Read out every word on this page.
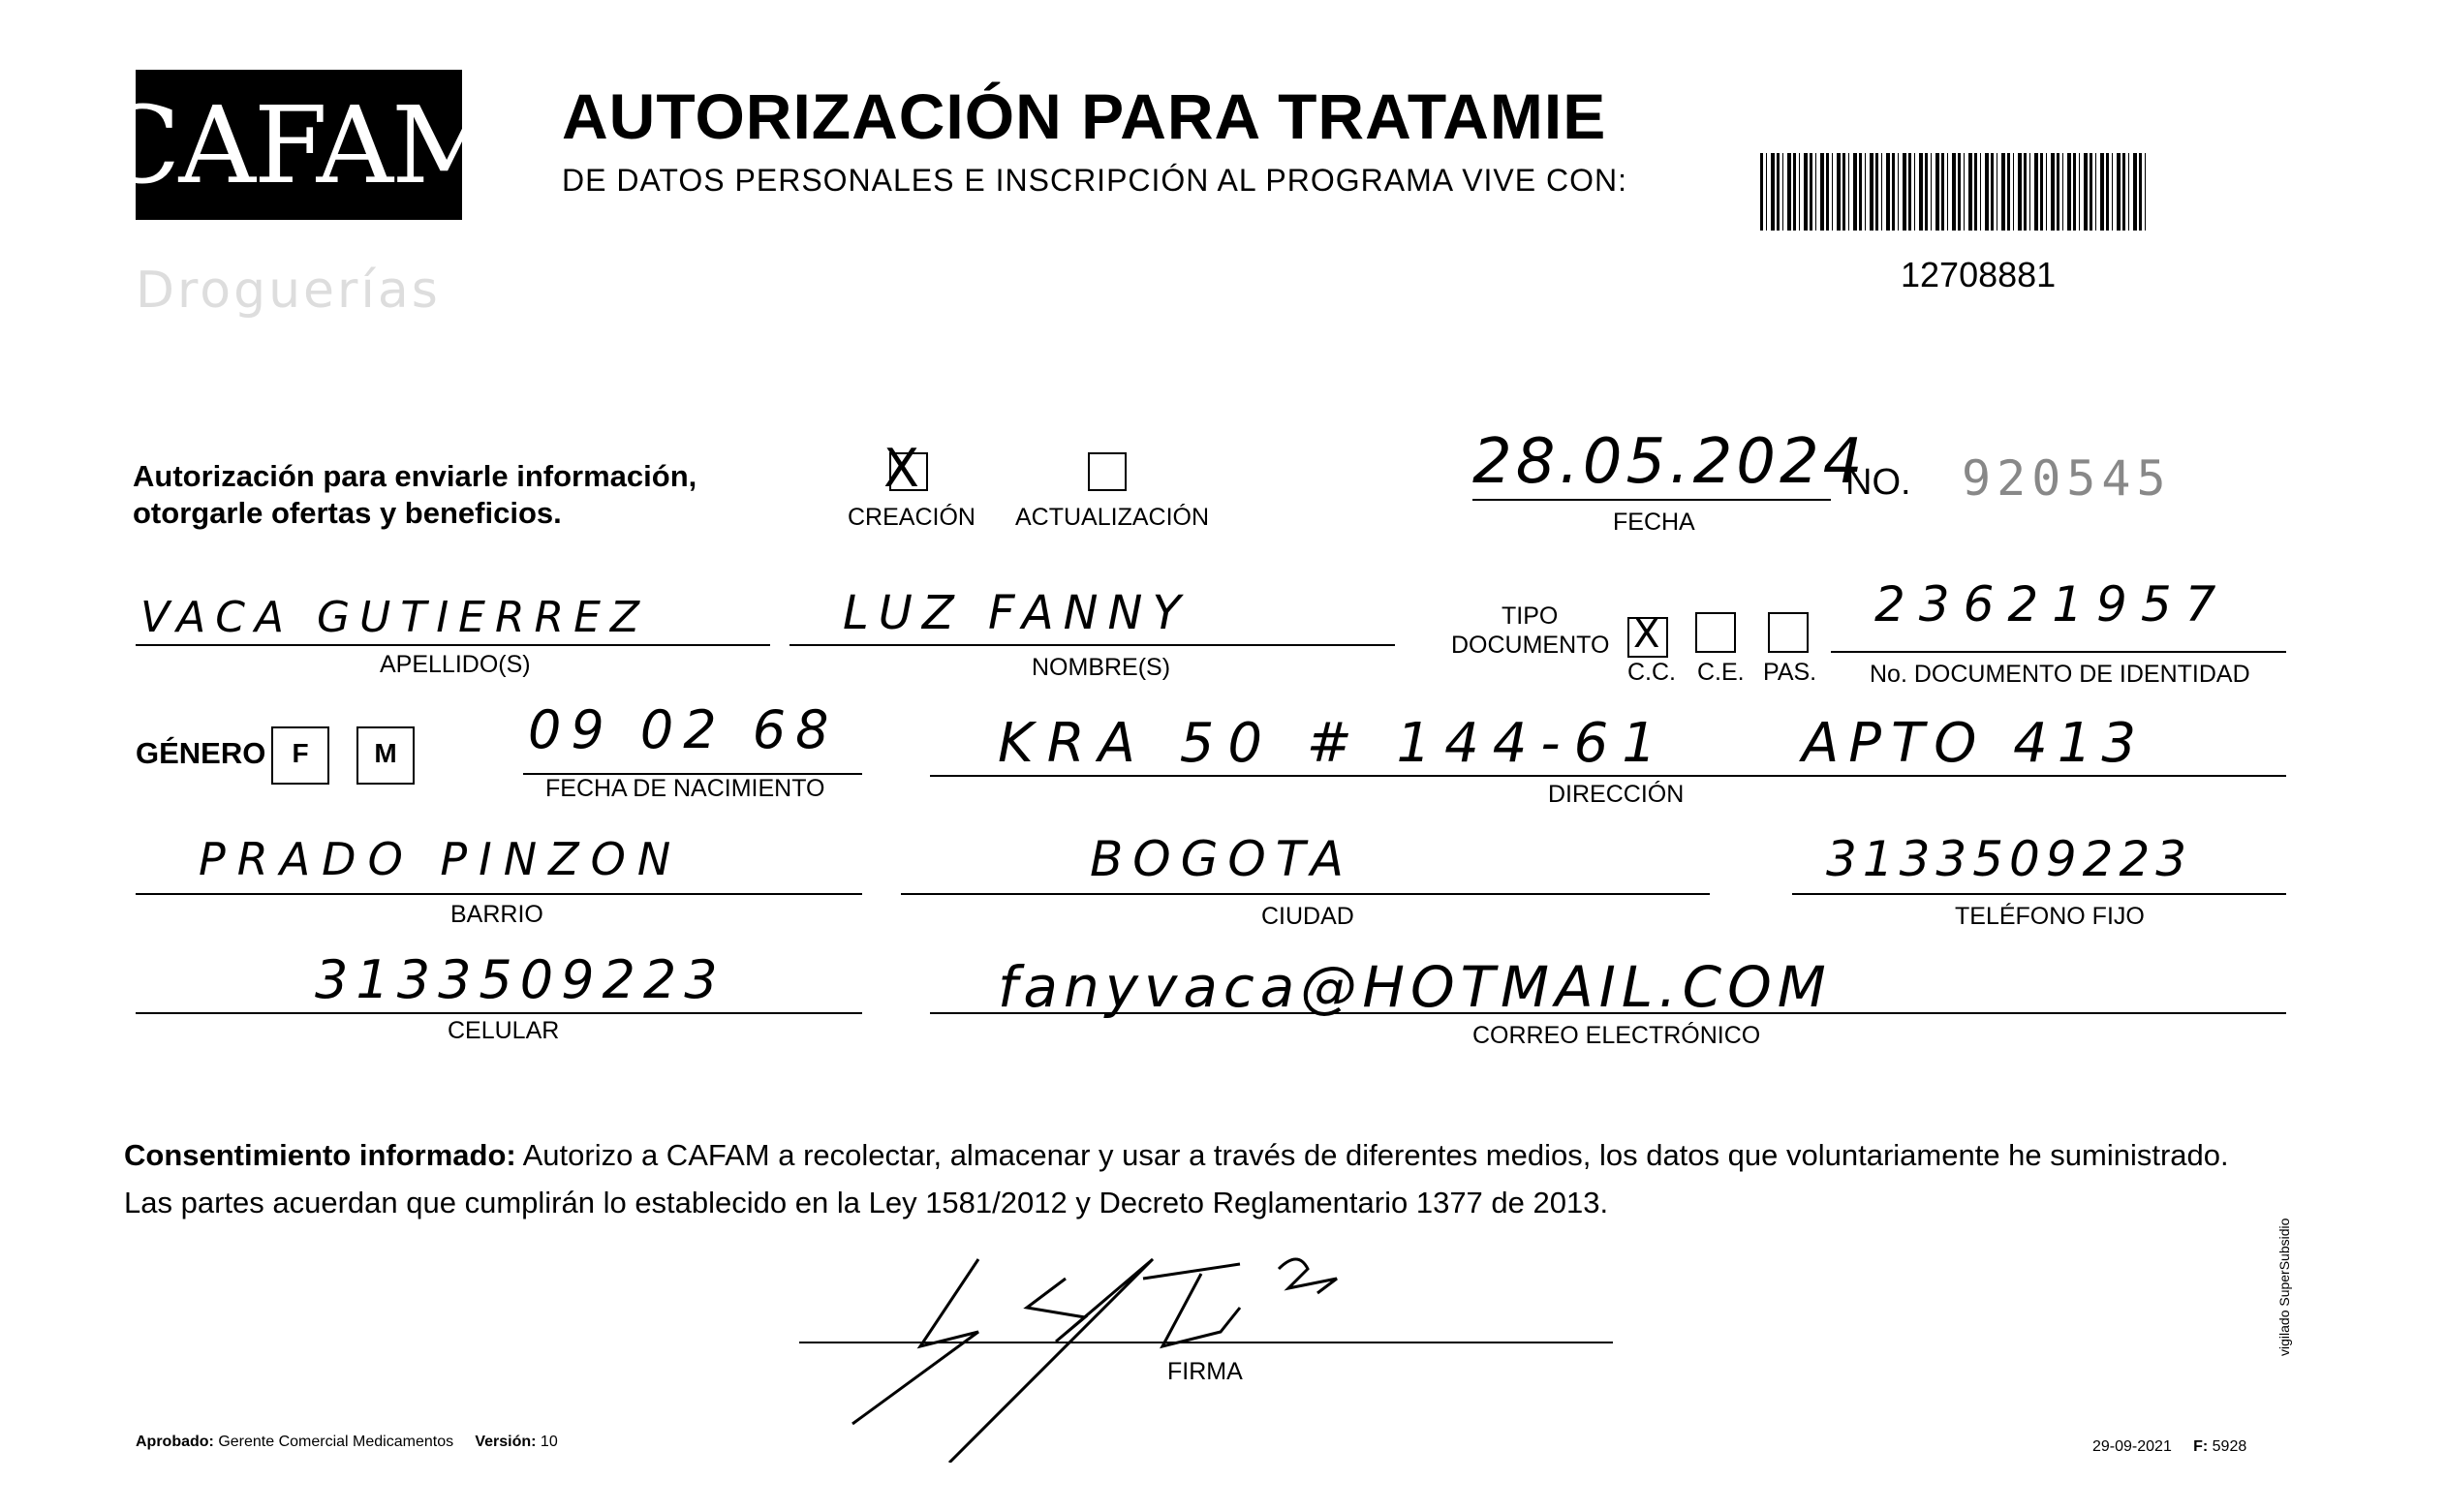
CAFAM
Droguerías
AUTORIZACIÓN PARA TRATAMIE
DE DATOS PERSONALES E INSCRIPCIÓN AL PROGRAMA VIVE CON:
12708881
Autorización para enviarle información,
otorgarle ofertas y beneficios.
X
CREACIÓN ACTUALIZACIÓN
28.05.2024
FECHA
NO. 920545
VACA GUTIERREZ
APELLIDO(S)
LUZ FANNY
NOMBRE(S)
TIPO
DOCUMENTO X
C.C. C.E. PAS.
23621957
No. DOCUMENTO DE IDENTIDAD
GÉNERO F	M	09 02 68
FECHA DE NACIMIENTO
KRA 50 # 144-61 APTO 413
DIRECCIÓN
PRADO PINZON
BARRIO
BOGOTA
CIUDAD
3133509223
TELÉFONO FIJO
3133509223
CELULAR
fanyvaca@HOTMAIL.COM
CORREO ELECTRÓNICO
Consentimiento informado: Autorizo a CAFAM a recolectar, almacenar y usar a través de diferentes medios, los datos que voluntariamente he suministrado.
Las partes acuerdan que cumplirán lo establecido en la Ley 1581/2012 y Decreto Reglamentario 1377 de 2013.
FIRMA
Aprobado: Gerente Comercial Medicamentos Versión: 10	29-09-2021 F: 5928
vigilado SuperSubsidio
